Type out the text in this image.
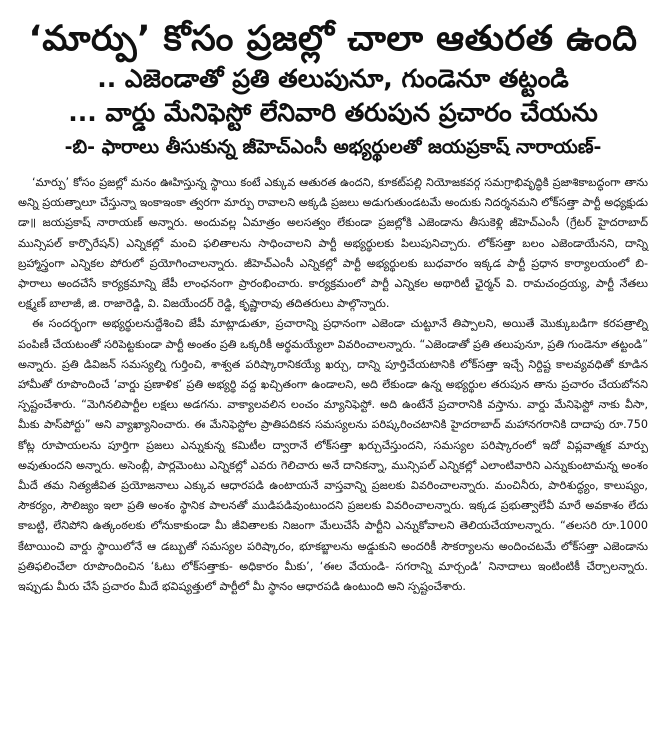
‘మార్పు’ కోసం ప్రజల్లో చాలా ఆతురత ఉంది
.. ఎజెండాతో ప్రతి తలుపునూ, గుండెనూ తట్టండి
... వార్డు మేనిఫెస్టో లేనివారి తరుపున ప్రచారం చేయను
-బి- ఫారాలు తీసుకున్న జీహెచ్ఎంసీ అభ్యర్థులతో జయప్రకాష్ నారాయణ్-

‘మార్పు’ కోసం ప్రజల్లో మనం ఊహిస్తున్న స్థాయి కంటే ఎక్కువ ఆతురత ఉందని, కూకట్‌పల్లి నియోజకవర్గ సమగ్రాభివృద్ధికి ప్రజాశికాబద్ధంగా తాను అన్ని ప్రయత్నాలూ చేస్తున్నా ఇంకాఇంకా త్వరగా మార్పు రావాలని అక్కడి ప్రజలు అడుగుతుండటమే అందుకు నిదర్శనమని లోక్‌సత్తా పార్టీ అధ్యక్షుడు డా॥ జయప్రకాష్ నారాయణ్ అన్నారు. అందువల్ల ఏమాత్రం అలసత్వం లేకుండా ప్రజల్లోకి ఎజెండాను తీసుకెళ్లి జీహెచ్ఎంసీ (గ్రేటర్ హైదరాబాద్ మున్సిపల్ కార్పొరేషన్) ఎన్నికల్లో మంచి ఫలితాలను సాధించాలని పార్టీ అభ్యర్థులకు పిలుపునిచ్చారు. లోక్‌సత్తా బలం ఎజెండాయేనని, దాన్ని బ్రహ్మాస్త్రంగా ఎన్నికల పోరులో ప్రయోగించాలన్నారు. జీహెచ్ఎంసీ ఎన్నికల్లో పార్టీ అభ్యర్థులకు బుధవారం ఇక్కడ పార్టీ ప్రధాన కార్యాలయంలో బి-ఫారాలు అందచేసే కార్యక్రమాన్ని జేపీ లాంఛనంగా ప్రారంభించారు. కార్యక్రమంలో పార్టీ ఎన్నికల అథారిటీ ఛైర్మన్ వి. రామచంద్రయ్య, పార్టీ నేతలు లక్ష్మణ్ బాలాజీ, జి. రాజారెడ్డి, వి. విజయేందర్ రెడ్డి, కృష్ణారావు తదితరులు పాల్గొన్నారు.

ఈ సందర్భంగా అభ్యర్థులనుద్దేశించి జేపీ మాట్లాడుతూ, ప్రచారాన్ని ప్రధానంగా ఎజెండా చుట్టూనే తిప్పాలని, అయితే మొక్కుబడిగా కరపత్రాల్ని పంపిణీ చేయటంతో సరిపెట్టకుండా పార్టీ అంతం ప్రతి ఒక్కరికీ అర్థమయ్యేలా వివరించాలన్నారు. “ఎజెండాతో ప్రతి తలుపునూ, ప్రతి గుండెనూ తట్టండి” అన్నారు. ప్రతి డివిజన్ సమస్యల్ని గుర్తించి, శాశ్వత పరిష్కారానికయ్యే ఖర్చు, దాన్ని పూర్తిచేయటానికి లోక్‌సత్తా ఇచ్చే నిర్దిష్ట కాలవ్యవధితో కూడిన హామీతో రూపొందించే ‘వార్డు ప్రణాళిక’ ప్రతి అభ్యర్థి వద్ద ఖచ్చితంగా ఉండాలని, అది లేకుండా ఉన్న అభ్యర్థుల తరుపున తాను ప్రచారం చేయబోనని స్పష్టంచేశారు. “మెగినలిపార్టీల లక్షలు అడగను. వాక్యాలవలిన లంచం మ్యానిఫెస్టో. అది ఉంటేనే ప్రచారానికి వస్తాను. వార్డు మేనిఫెస్టో నాకు వీసా, మీకు పాస్‌పోర్టు” అని వ్యాఖ్యానించారు. ఈ మేనిఫెస్టోల ప్రాతిపదికన సమస్యలను పరిష్కరించటానికి హైదరాబాద్ మహానగరానికి దాదాపు రూ.750 కోట్ల రూపాయలను పూర్తిగా ప్రజలు ఎన్నుకున్న కమిటీల ద్వారానే లోక్‌సత్తా ఖర్చుచేస్తుందని, సమస్యల పరిష్కారంలో ఇదో విప్లవాత్మక మార్పు అవుతుందని అన్నారు. అసెంబ్లీ, పార్లమెంటు ఎన్నికల్లో ఎవరు గెలిచారు అనే దానికన్నా, మున్సిపల్ ఎన్నికల్లో ఎలాంటివారిని ఎన్నుకుంటామన్న అంశం మీదే తమ నిత్యజీవిత ప్రయోజనాలు ఎక్కువ ఆధారపడి ఉంటాయనే వాస్తవాన్ని ప్రజలకు వివరించాలన్నారు. మంచినీరు, పారిశుద్ధ్యం, కాలుష్యం, సౌకర్యం, సౌలిజ్యం ఇలా ప్రతి అంశం స్థానిక పాలనతో ముడిపడివుంటుందని ప్రజలకు వివరించాలన్నారు. ఇక్కడ ప్రభుత్వాలేవీ మారే అవకాశం లేదు కాబట్టి, లేనిపోని ఉత్కంఠలకు లోనుకాకుండా మీ జీవితాలకు నిజంగా మేలుచేసే పార్టీని ఎన్నుకోవాలని తెలియచేయాలన్నారు. “తలసరి రూ.1000 కేటాయించి వార్డు స్థాయిలోనే ఆ డబ్బుతో సమస్యల పరిష్కారం, భూకబ్జాలను అడ్డుకుని అందరికీ సౌకర్యాలను అందించటమే లోక్‌సత్తా ఎజెండాను ప్రతిఫలించేలా రూపొందించిన ‘ఓటు లోక్‌సత్తాకు- అధికారం మీకు’, ‘ఈల వేయండి- సగరాన్ని మార్చండి’ నినాదాలు ఇంటింటికీ చేర్చాలన్నారు. ఇప్పుడు మీరు చేసే ప్రచారం మీదే భవిష్యత్తులో పార్టీలో మీ స్థానం ఆధారపడి ఉంటుంది అని స్పష్టంచేశారు.
